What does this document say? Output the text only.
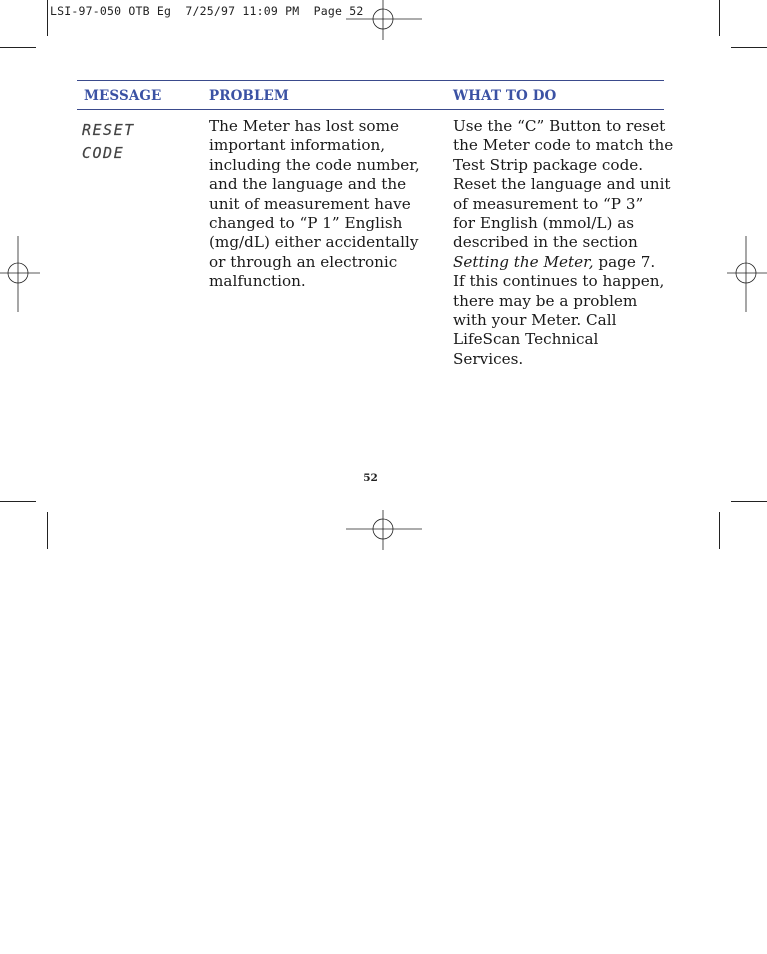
LSI-97-050 OTB Eg  7/25/97 11:09 PM  Page 52
MESSAGE	PROBLEM	WHAT TO DO
RESET
CODE

The Meter has lost some

important information,

including the code number,

and the language and the

unit of measurement have

changed to “P 1” English

(mg/dL) either accidentally

or through an electronic

malfunction.

Use the “C” Button to reset

the Meter code to match the

Test Strip package code.

Reset the language and unit

of measurement to “P 3”

for English (mmol/L) as

described in the section

Setting the Meter, page 7.

If this continues to happen,

there may be a problem

with your Meter. Call

LifeScan Technical

Services.

52
